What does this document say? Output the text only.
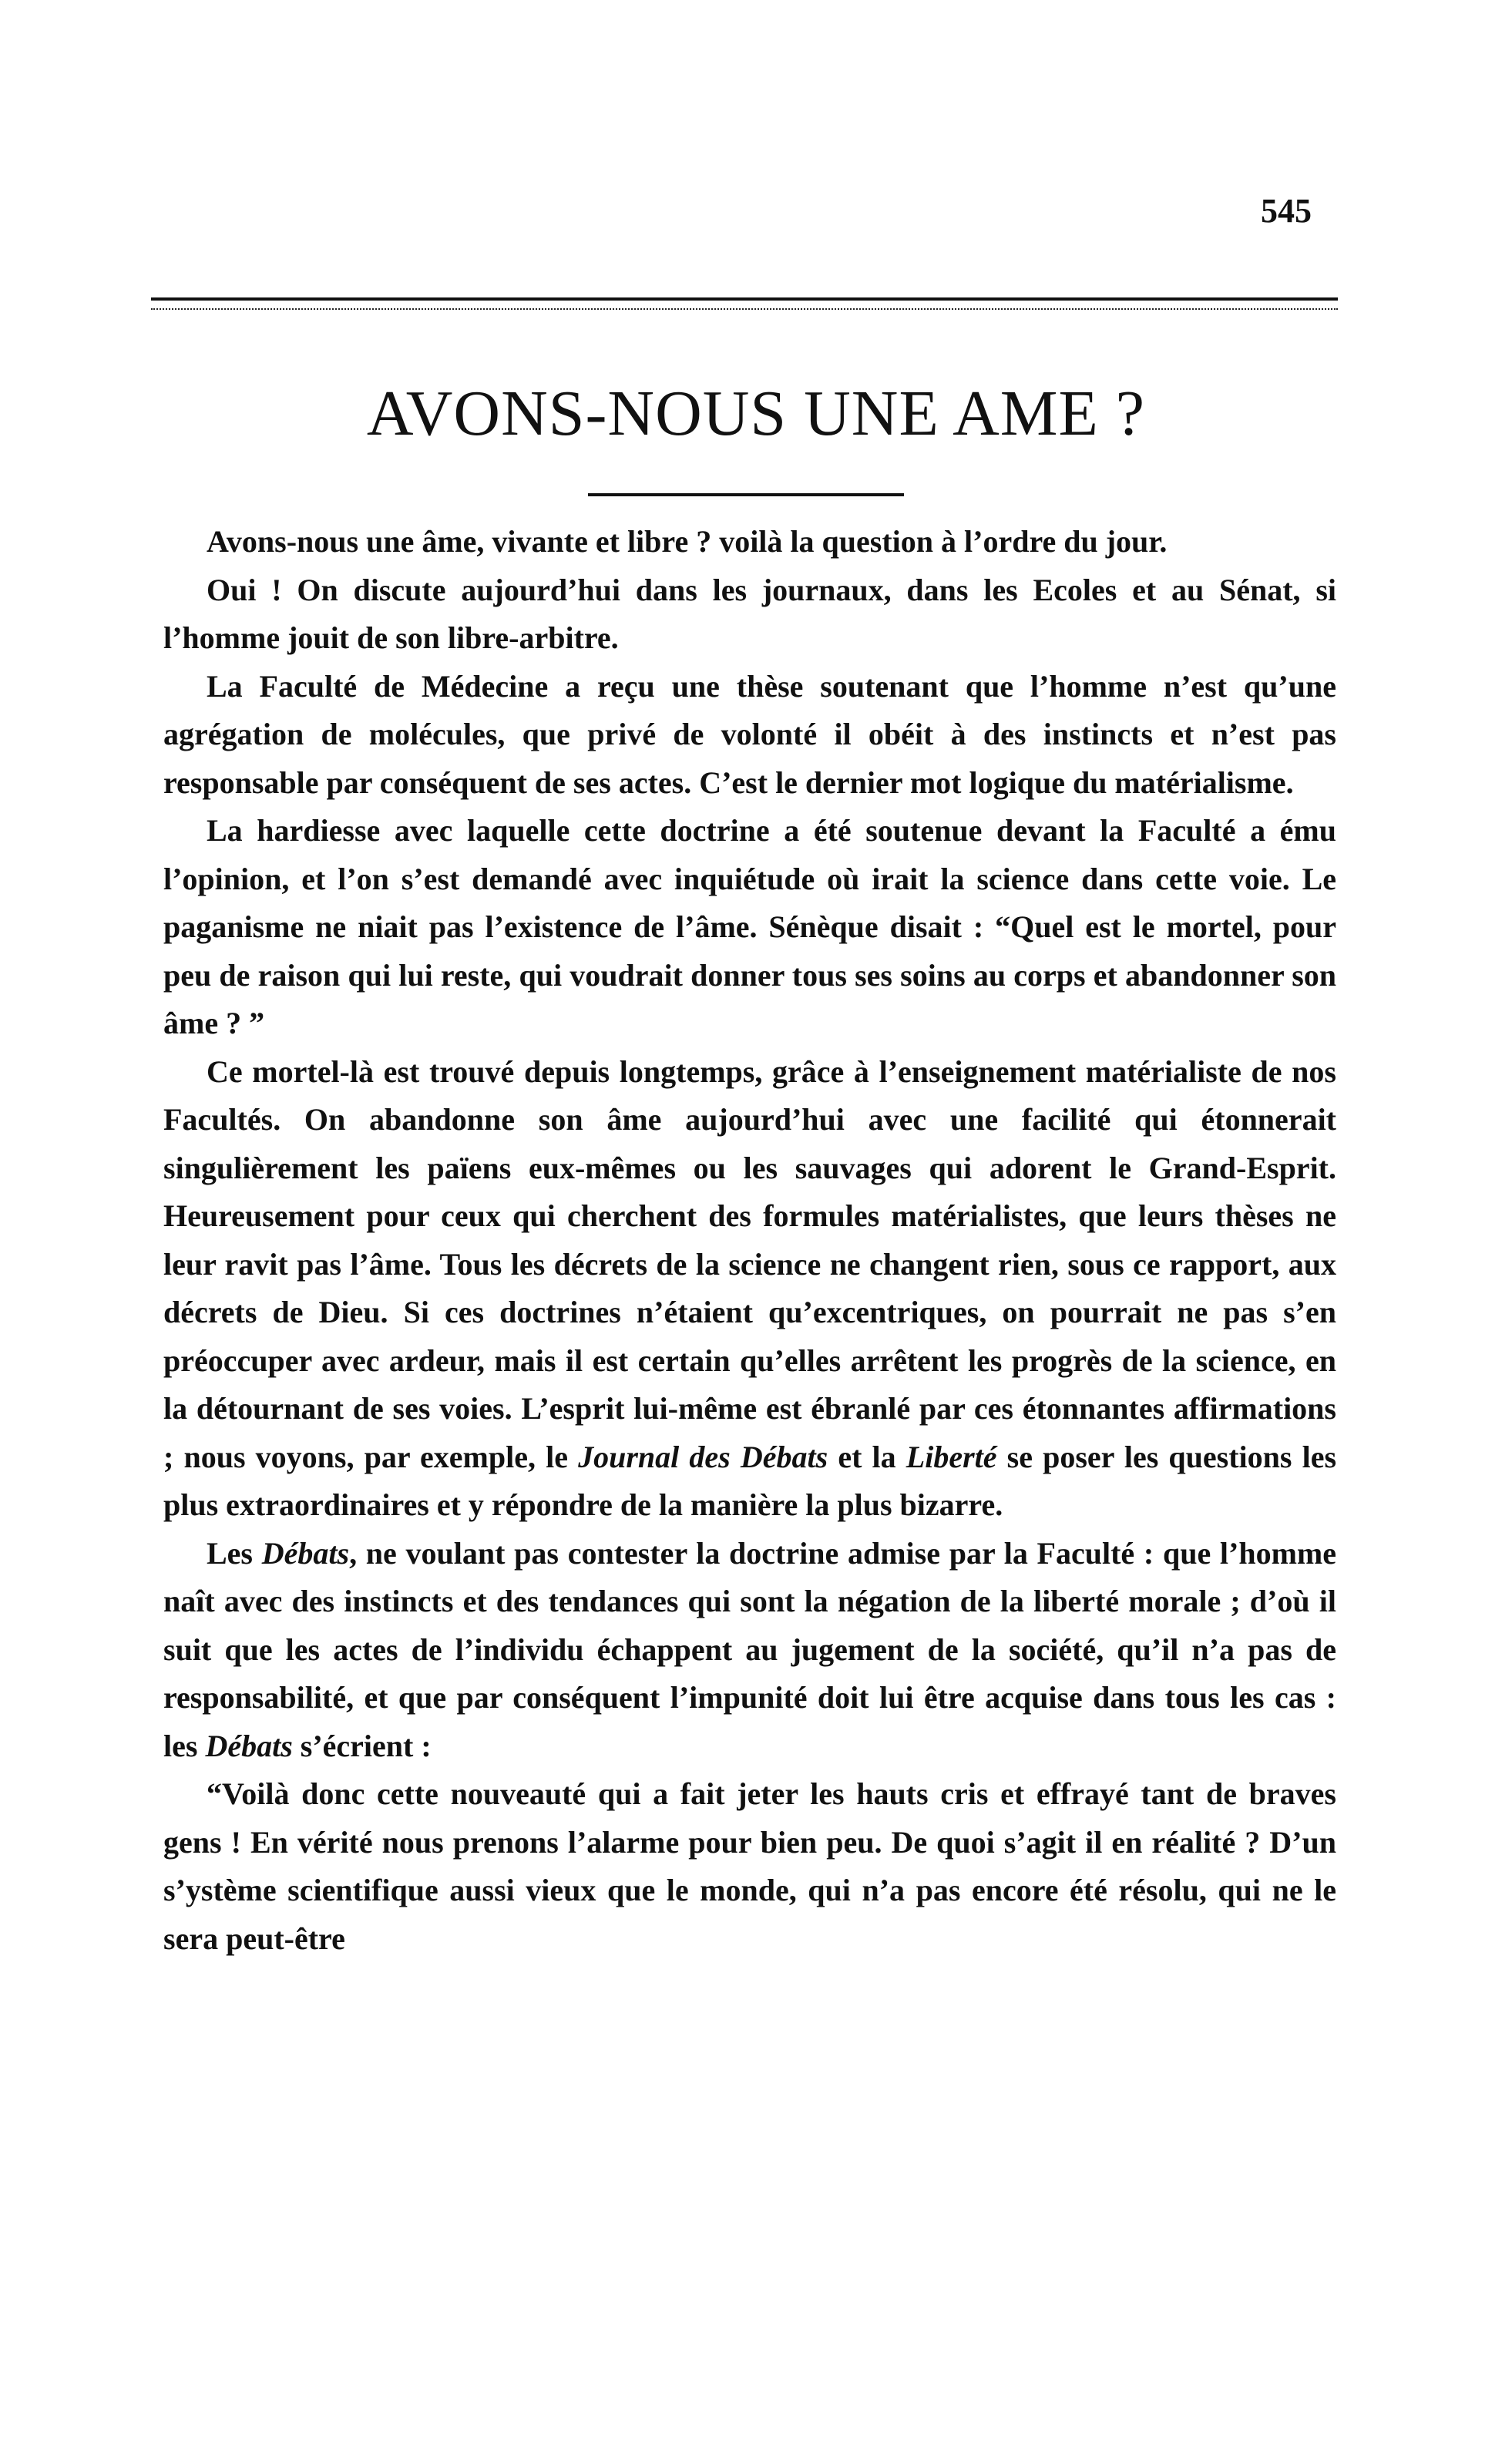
545
AVONS-NOUS UNE AME ?

Avons-nous une âme, vivante et libre ? voilà la question à l’ordre du jour.

Oui ! On discute aujourd’hui dans les journaux, dans les Ecoles et au Sénat, si l’homme jouit de son libre-arbitre.

La Faculté de Médecine a reçu une thèse soutenant que l’homme n’est qu’une agrégation de molécules, que privé de volonté il obéit à des instincts et n’est pas responsable par conséquent de ses actes. C’est le dernier mot logique du matérialisme.

La hardiesse avec laquelle cette doctrine a été soutenue devant la Faculté a ému l’opinion, et l’on s’est demandé avec inquiétude où irait la science dans cette voie. Le paganisme ne niait pas l’existence de l’âme. Sénèque disait : “Quel est le mortel, pour peu de raison qui lui reste, qui voudrait donner tous ses soins au corps et abandonner son âme ? ”

Ce mortel-là est trouvé depuis longtemps, grâce à l’enseignement matérialiste de nos Facultés. On abandonne son âme aujourd’hui avec une facilité qui étonnerait singulièrement les païens eux-mêmes ou les sauvages qui adorent le Grand-Esprit. Heureusement pour ceux qui cherchent des formules matérialistes, que leurs thèses ne leur ravit pas l’âme. Tous les décrets de la science ne changent rien, sous ce rapport, aux décrets de Dieu. Si ces doctrines n’étaient qu’excentriques, on pourrait ne pas s’en préoccuper avec ardeur, mais il est certain qu’elles arrêtent les progrès de la science, en la détournant de ses voies. L’esprit lui-même est ébranlé par ces étonnantes affirmations ; nous voyons, par exemple, le Journal des Débats et la Liberté se poser les questions les plus extraordinaires et y répondre de la manière la plus bizarre.

Les Débats, ne voulant pas contester la doctrine admise par la Faculté : que l’homme naît avec des instincts et des tendances qui sont la négation de la liberté morale ; d’où il suit que les actes de l’individu échappent au jugement de la société, qu’il n’a pas de responsabilité, et que par conséquent l’impunité doit lui être acquise dans tous les cas : les Débats s’écrient :

“Voilà donc cette nouveauté qui a fait jeter les hauts cris et effrayé tant de braves gens ! En vérité nous prenons l’alarme pour bien peu. De quoi s’agit il en réalité ? D’un s’ystème scientifique aussi vieux que le monde, qui n’a pas encore été résolu, qui ne le sera peut-être
